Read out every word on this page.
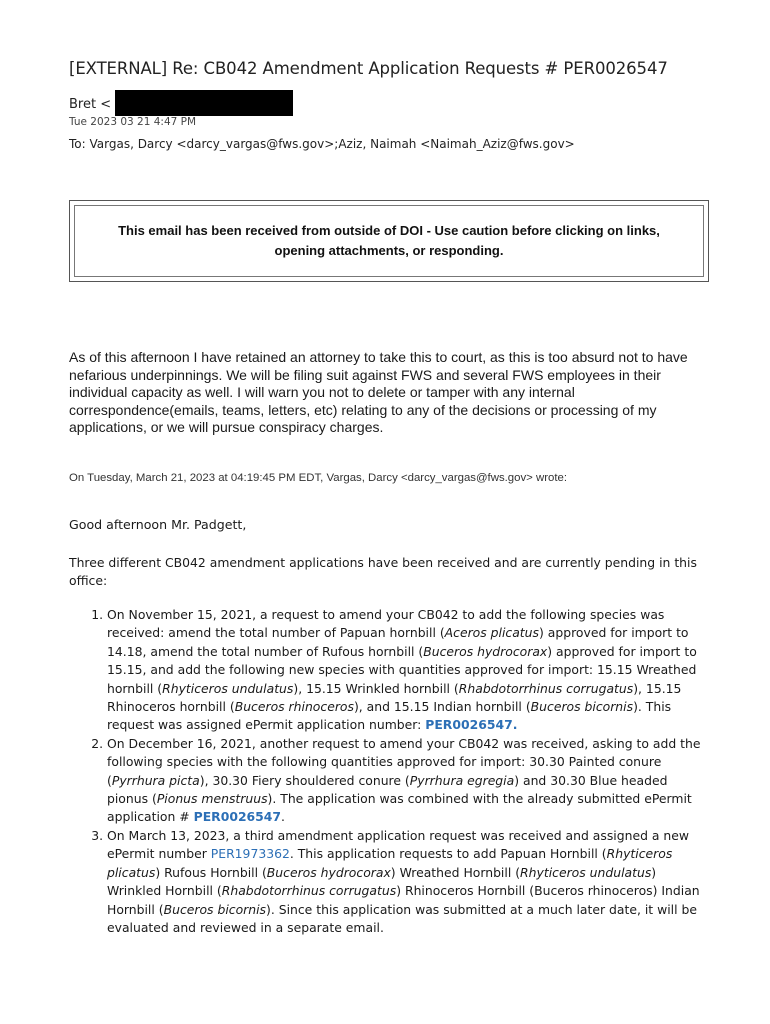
[EXTERNAL] Re: CB042 Amendment Application Requests # PER0026547
Bret <
Tue 2023 03 21 4:47 PM
To: Vargas, Darcy <darcy_vargas@fws.gov>;Aziz, Naimah <Naimah_Aziz@fws.gov>
This email has been received from outside of DOI - Use caution before clicking on links, opening attachments, or responding.

As of this afternoon I have retained an attorney to take this to court, as this is too absurd not to have nefarious underpinnings. We will be filing suit against FWS and several FWS employees in their individual capacity as well. I will warn you not to delete or tamper with any internal correspondence(emails, teams, letters, etc) relating to any of the decisions or processing of my applications, or we will pursue conspiracy charges.

On Tuesday, March 21, 2023 at 04:19:45 PM EDT, Vargas, Darcy <darcy_vargas@fws.gov> wrote:
Good afternoon Mr. Padgett,

Three different CB042 amendment applications have been received and are currently pending in this office:

1. On November 15, 2021, a request to amend your CB042 to add the following species was received: amend the total number of Papuan hornbill (Aceros plicatus) approved for import to 14.18, amend the total number of Rufous hornbill (Buceros hydrocorax) approved for import to 15.15, and add the following new species with quantities approved for import: 15.15 Wreathed hornbill (Rhyticeros undulatus), 15.15 Wrinkled hornbill (Rhabdotorrhinus corrugatus), 15.15 Rhinoceros hornbill (Buceros rhinoceros), and 15.15 Indian hornbill (Buceros bicornis). This request was assigned ePermit application number: PER0026547.
2. On December 16, 2021, another request to amend your CB042 was received, asking to add the following species with the following quantities approved for import: 30.30 Painted conure (Pyrrhura picta), 30.30 Fiery shouldered conure (Pyrrhura egregia) and 30.30 Blue headed pionus (Pionus menstruus). The application was combined with the already submitted ePermit application # PER0026547.
3. On March 13, 2023, a third amendment application request was received and assigned a new ePermit number PER1973362. This application requests to add Papuan Hornbill (Rhyticeros plicatus) Rufous Hornbill (Buceros hydrocorax) Wreathed Hornbill (Rhyticeros undulatus) Wrinkled Hornbill (Rhabdotorrhinus corrugatus) Rhinoceros Hornbill (Buceros rhinoceros) Indian Hornbill (Buceros bicornis). Since this application was submitted at a much later date, it will be evaluated and reviewed in a separate email.
